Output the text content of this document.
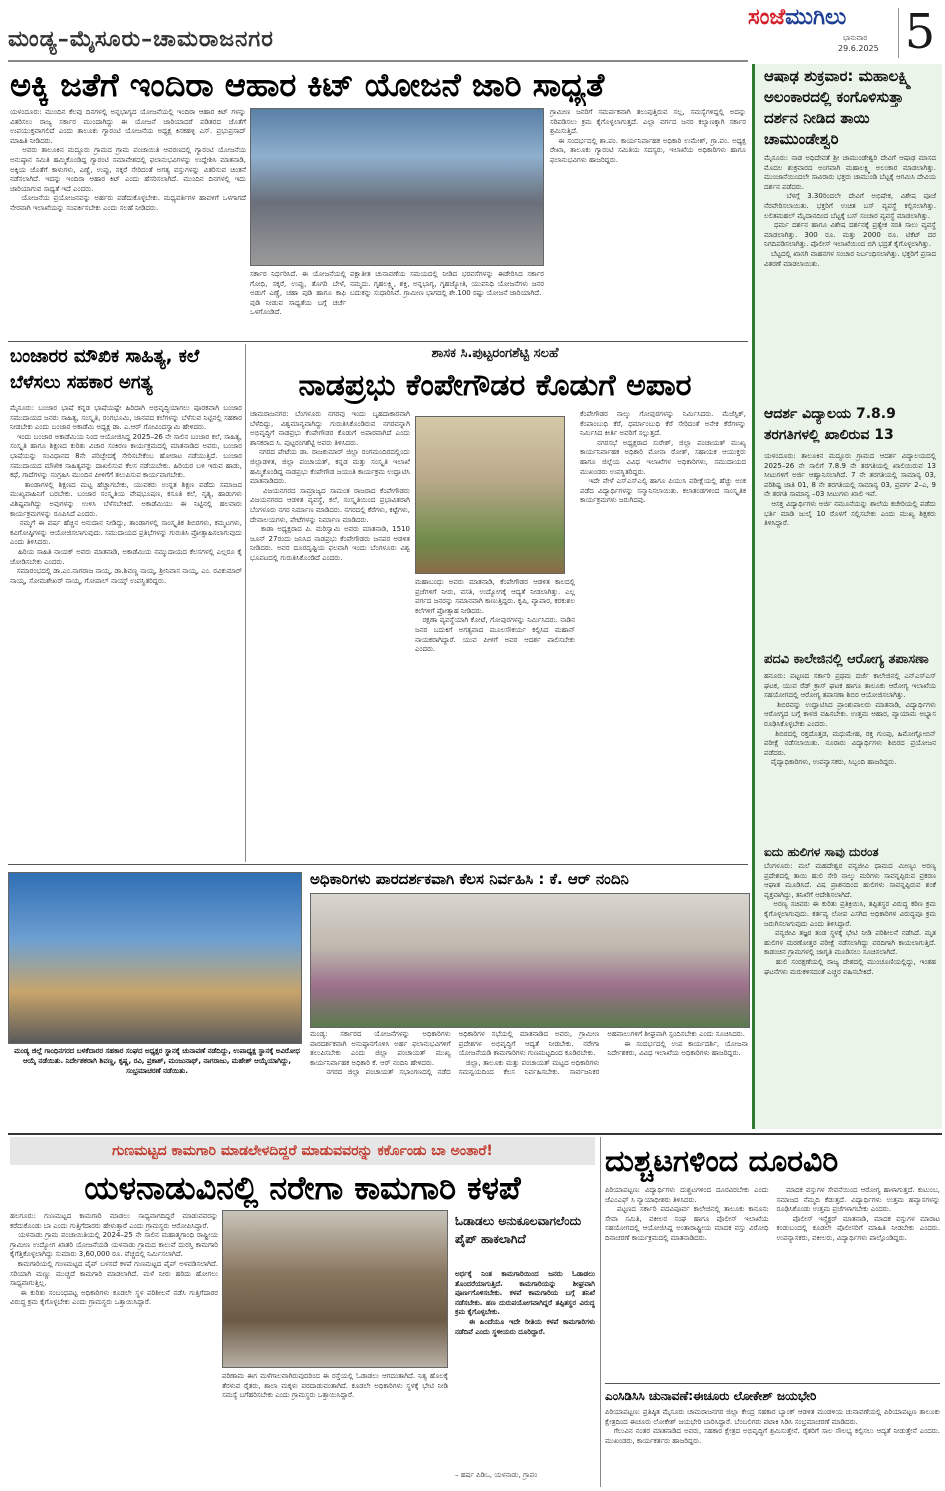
ಮಂಡ್ಯ–ಮೈಸೂರು–ಚಾಮರಾಜನಗರ
ಸಂಜೆಮುಗಿಲು
ಭಾನುವಾರ
29.6.2025 5
ಅಕ್ಕಿ ಜತೆಗೆ ಇಂದಿರಾ ಆಹಾರ ಕಿಟ್ ಯೋಜನೆ ಜಾರಿ ಸಾಧ್ಯತೆ
ಯಳಂದೂರು: ಮುಂದಿನ ಕೆಲವು ದಿನಗಳಲ್ಲಿ ಅನ್ನಭಾಗ್ಯದ ಯೋಜನೆಯಲ್ಲಿ ಇಂದಿರಾ ಆಹಾರ ಕಿಟ್ ಗಳನ್ನು ವಿತರಿಸಲು ರಾಜ್ಯ ಸರ್ಕಾರ ಮುಂದಾಗಿದ್ದು ಈ ಯೋಜನೆ ಜಾರಿಯಾದರೆ ಪಡಿತರದ ಜೊತೆಗೆ ಉಪಯುಕ್ತವಾಗಲಿದೆ ಎಂದು ತಾಲೂಕು ಗ್ಯಾರಂಟಿ ಯೋಜನೆಯ ಅಧ್ಯಕ್ಷ ಕಿನಕಹಳ್ಳಿ ಎಸ್. ಪ್ರಭುಪ್ರಸಾದ್ ಮಾಹಿತಿ ನೀಡಿದರು.
ಅವರು ತಾಲೂಕಿನ ಮದ್ದೂರು ಗ್ರಾಮದ ಗ್ರಾಮ ಪಂಚಾಯಿತಿ ಆವರಣದಲ್ಲಿ ಗ್ಯಾರಂಟಿ ಯೋಜನೆಯ ಅನುಷ್ಠಾನ ಸಮಿತಿ ಹಮ್ಮಿಕೊಂಡಿದ್ದ ಗ್ಯಾರಂಟಿ ಸಮಾವೇಶದಲ್ಲಿ ಫಲಾನುಭವಿಗಳನ್ನು ಉದ್ದೇಶಿಸಿ ಮಾತನಾಡಿ, ಅಕ್ಕಿಯ ಜೊತೆಗೆ ಕಾಳುಗಳು, ಎಣ್ಣೆ, ಉಪ್ಪು, ಸಕ್ಕರೆ ಸೇರಿದಂತೆ ಅಗತ್ಯ ವಸ್ತುಗಳನ್ನು ವಿತರಿಸುವ ಚಿಂತನೆ ನಡೆಸಲಾಗಿದೆ. ಇದನ್ನು ಇಂದಿರಾ ಆಹಾರ ಕಿಟ್ ಎಂದು ಹೆಸರಿಸಲಾಗಿದೆ. ಮುಂದಿನ ದಿನಗಳಲ್ಲಿ ಇದು ಜಾರಿಯಾಗುವ ಸಾಧ್ಯತೆ ಇದೆ ಎಂದರು.
ಯೋಜನೆಯ ಪ್ರಯೋಜನವನ್ನು ಅರ್ಹರು ಪಡೆದುಕೊಳ್ಳಬೇಕು. ಮಧ್ಯವರ್ತಿಗಳ ಹಾವಳಿಗೆ ಒಳಗಾಗದೆ ನೇರವಾಗಿ ಇಲಾಖೆಯನ್ನು ಸಂಪರ್ಕಿಸಬೇಕು ಎಂದು ಸಲಹೆ ನೀಡಿದರು.
ಸರ್ಕಾರ ನಿರ್ಧರಿಸಿದೆ. ಈ ಯೋಜನೆಯಲ್ಲಿ ಗೋಧಿ, ಸಕ್ಕರೆ, ಉಪ್ಪು, ತೊಗರಿ ಬೇಳೆ, ಅಡುಗೆ ಎಣ್ಣೆ, ಚಹಾ ಪುಡಿ ಹಾಗೂ ಕಾಫಿ ಪುಡಿ ನೀಡುವ ಸಾಧ್ಯತೆಯ ಬಗ್ಗೆ ಚರ್ಚೆ ಒಳಗೊಂಡಿದೆ.
ಪಕ್ಷಾತೀತ ಚುನಾವಣೆಯ ಸಮಯದಲ್ಲಿ ನೀಡಿದ ಭರವಸೆಗಳನ್ನು ಈಡೇರಿಸಿದ ಸರ್ಕಾರ ನಮ್ಮದು. ಗೃಹಲಕ್ಷ್ಮಿ, ಶಕ್ತಿ, ಅನ್ನಭಾಗ್ಯ, ಗೃಹಜ್ಯೋತಿ, ಯುವನಿಧಿ ಯೋಜನೆಗಳು ಜನರ ಬದುಕನ್ನು ಸುಧಾರಿಸಿವೆ. ಗ್ರಾಮೀಣ ಭಾಗದಲ್ಲಿ ಶೇ.100 ರಷ್ಟು ಯೋಜನೆ ಜಾರಿಯಾಗಿದೆ.
ಗ್ರಾಮೀಣ ಜನರಿಗೆ ಸಮರ್ಪಕವಾಗಿ ತಲುಪುತ್ತಿರುವ ಸಲ್ಲ, ಸಮಸ್ಯೆಗಳಿದ್ದಲ್ಲಿ ಅದನ್ನು ಸರಿಪಡಿಸಲು ಕ್ರಮ ಕೈಗೊಳ್ಳಲಾಗುತ್ತದೆ. ಎಲ್ಲಾ ವರ್ಗದ ಜನರ ಕಲ್ಯಾಣಕ್ಕಾಗಿ ಸರ್ಕಾರ ಶ್ರಮಿಸುತ್ತಿದೆ.
ಈ ಸಂದರ್ಭದಲ್ಲಿ ಶಾ.ಪಂ. ಕಾರ್ಯನಿರ್ವಾಹಕ ಅಧಿಕಾರಿ ಉಮೇಶ್, ಗ್ರಾ.ಪಂ. ಅಧ್ಯಕ್ಷ ರೇಖಾ, ತಾಲೂಕು ಗ್ಯಾರಂಟಿ ಸಮಿತಿಯ ಸದಸ್ಯರು, ಇಲಾಖೆಯ ಅಧಿಕಾರಿಗಳು ಹಾಗೂ ಫಲಾನುಭವಿಗಳು ಹಾಜರಿದ್ದರು.
ಬಂಜಾರರ ಮೌಖಿಕ ಸಾಹಿತ್ಯ, ಕಲೆ ಬೆಳೆಸಲು ಸಹಕಾರ ಅಗತ್ಯ
ಮೈಸೂರು: ಬಂಜಾರ ಭಾಷೆ ಕನ್ನಡ ಭಾಷೆಯಷ್ಟೇ ಹಿರಿದಾಗಿ ಅಭಿವೃದ್ಧಿಯಾಗಲು ಪೂರಕವಾಗಿ ಬಂಜಾರ ಸಮುದಾಯದ ಜನರು ಸಾಹಿತ್ಯ, ಸಂಸ್ಕೃತಿ, ರಂಗಭೂಮಿ, ಜಾನಪದ ಕಲೆಗಳನ್ನು ಬೆಳೆಸುವ ನಿಟ್ಟಿನಲ್ಲಿ ಸಹಕಾರ ನೀಡಬೇಕು ಎಂದು ಬಂಜಾರ ಅಕಾಡೆಮಿ ಅಧ್ಯಕ್ಷ ಡಾ. ಎ.ಆರ್ ಗೋವಿಂದಸ್ವಾಮಿ ಹೇಳಿದರು.
ಇಂದು ಬಂಜಾರ ಅಕಾಡೆಮಿಯ ನಿಂದ ಆಯೋಜಿಸಿದ್ದ 2025–26 ನೇ ಸಾಲಿನ ಬಂಜಾರ ಕಲೆ, ಸಾಹಿತ್ಯ, ಸಂಸ್ಕೃತಿ ಹಾಗೂ ಶಿಕ್ಷಣದ ಕುರಿತು ವಿಚಾರ ಸಂಕಿರಣ ಕಾರ್ಯಕ್ರಮದಲ್ಲಿ ಮಾತನಾಡಿದ ಅವರು, ಬಂಜಾರ ಭಾಷೆಯನ್ನು ಸಂವಿಧಾನದ 8ನೇ ಪರಿಚ್ಛೇದಕ್ಕೆ ಸೇರಿಸಬೇಕೆಂಬ ಹೋರಾಟ ನಡೆಯುತ್ತಿದೆ. ಬಂಜಾರ ಸಮುದಾಯದ ಮೌಖಿಕ ಸಾಹಿತ್ಯವನ್ನು ದಾಖಲಿಸುವ ಕೆಲಸ ನಡೆಯಬೇಕು. ಹಿರಿಯರ ಬಳಿ ಇರುವ ಹಾಡು, ಕಥೆ, ಗಾದೆಗಳನ್ನು ಸಂಗ್ರಹಿಸಿ ಮುಂದಿನ ಪೀಳಿಗೆಗೆ ತಲುಪಿಸುವ ಕಾರ್ಯವಾಗಬೇಕು.
ತಾಂಡಾಗಳಲ್ಲಿ ಶಿಕ್ಷಣದ ಮಟ್ಟ ಹೆಚ್ಚಾಗಬೇಕು, ಯುವಕರು ಉನ್ನತ ಶಿಕ್ಷಣ ಪಡೆದು ಸಮಾಜದ ಮುಖ್ಯವಾಹಿನಿಗೆ ಬರಬೇಕು. ಬಂಜಾರ ಸಂಸ್ಕೃತಿಯ ವೇಷಭೂಷಣ, ಕಸೂತಿ ಕಲೆ, ನೃತ್ಯ, ಹಾಡುಗಳು ವಿಶಿಷ್ಟವಾಗಿದ್ದು ಅವುಗಳನ್ನು ಉಳಿಸಿ ಬೆಳೆಸಬೇಕಿದೆ. ಅಕಾಡೆಮಿಯು ಈ ನಿಟ್ಟಿನಲ್ಲಿ ಹಲವಾರು ಕಾರ್ಯಕ್ರಮಗಳನ್ನು ರೂಪಿಸಿದೆ ಎಂದರು.
ನಮ್ಮಗೆ ಈ ವರ್ಷ ಹೆಚ್ಚಿನ ಅನುದಾನ ನೀಡಿದ್ದು, ತಾಂಡಾಗಳಲ್ಲಿ ಸಾಂಸ್ಕೃತಿಕ ಶಿಬಿರಗಳು, ಕಮ್ಮಟಗಳು, ಕವಿಗೋಷ್ಠಿಗಳನ್ನು ಆಯೋಜಿಸಲಾಗುವುದು. ಸಮುದಾಯದ ಪ್ರತಿಭೆಗಳನ್ನು ಗುರುತಿಸಿ ಪ್ರೋತ್ಸಾಹಿಸಲಾಗುವುದು ಎಂದು ತಿಳಿಸಿದರು.
ಹಿರಿಯ ಸಾಹಿತಿ ನಾಯಕ್ ಅವರು ಮಾತನಾಡಿ, ಅಕಾಡೆಮಿಯ ನಮ್ಮುದಾಯದ ಕೆಲಸಗಳಲ್ಲಿ ಎಲ್ಲರೂ ಕೈ ಜೋಡಿಸಬೇಕು ಎಂದರು.
ಸಮಾರಂಭದಲ್ಲಿ ಡಾ.ಎಂ.ನಾಗರಾಜ ನಾಯ್ಕ, ಡಾ.ಶಿವಣ್ಣ ನಾಯ್ಕ, ಶ್ರೀನಿವಾಸ ನಾಯ್ಕ, ಎಂ. ರವಿಕುಮಾರ್ ನಾಯ್ಕ, ಸೋಮಶೇಖರ್ ನಾಯ್ಕ, ಗೋಪಾಲ್ ನಾಯ್ಕ್ ಉಪಸ್ಥಿತರಿದ್ದರು.
ಶಾಸಕ ಸಿ.ಪುಟ್ಟರಂಗಶೆಟ್ಟಿ ಸಲಹೆ
ನಾಡಪ್ರಭು ಕೆಂಪೇಗೌಡರ ಕೊಡುಗೆ ಅಪಾರ
ಚಾಮರಾಜನಗರ: ಬೆಂಗಳೂರು ನಗರವು ಇಂದು ಬೃಹದಾಕಾರವಾಗಿ ಬೆಳೆದಿದ್ದು, ವಿಶ್ವಮಾನ್ಯವಾಗಿದ್ದು ಗುರುತಿಸಿಕೊಂಡಿರುವ ನಗರವನ್ನಾಗಿ ಅಭಿವೃದ್ಧಿಗೆ ನಾಡಪ್ರಭು ಕೆಂಪೇಗೌಡರ ಕೊಡುಗೆ ಅಪಾರವಾಗಿದೆ ಎಂದು ಶಾಸಕರಾದ ಸಿ. ಪುಟ್ಟರಂಗಶೆಟ್ಟಿ ಅವರು ತಿಳಿಸಿದರು.
ನಗರದ ಪೇಟೆಯ ಡಾ. ರಾಜಕುಮಾರ್ ಜಿಲ್ಲಾ ರಂಗಮಂದಿರದಲ್ಲಿಂದು ಜಿಲ್ಲಾಡಳಿತ, ಜಿಲ್ಲಾ ಪಂಚಾಯತ್, ಕನ್ನಡ ಮತ್ತು ಸಂಸ್ಕೃತಿ ಇಲಾಖೆ ಹಮ್ಮಿಕೊಂಡಿದ್ದ ನಾಡಪ್ರಭು ಕೆಂಪೇಗೌಡ ಜಯಂತಿ ಕಾರ್ಯಕ್ರಮ ಉದ್ಘಾಟಿಸಿ ಮಾತನಾಡಿದರು.
ವಿಜಯನಗರದ ಸಾಮ್ರಾಜ್ಯದ ಸಾಮಂತ ರಾಜರಾದ ಕೆಂಪೇಗೌಡರು ವಿಜಯನಗರದ ಆಡಳಿತ ವ್ಯವಸ್ಥೆ, ಕಲೆ, ಸಂಸ್ಕೃತಿಯಿಂದ ಪ್ರಭಾವಿತರಾಗಿ ಬೆಂಗಳೂರು ನಗರ ನಿರ್ಮಾಣ ಮಾಡಿದರು. ನಗರದಲ್ಲಿ ಕೆರೆಗಳು, ಕಟ್ಟೆಗಳು, ದೇವಾಲಯಗಳು, ಪೇಟೆಗಳನ್ನು ನಿರ್ಮಾಣ ಮಾಡಿದರು.
ಕಾಡಾ ಅಧ್ಯಕ್ಷರಾದ ಪಿ. ಮರಿಸ್ವಾಮಿ ಅವರು ಮಾತನಾಡಿ, 1510 ಜೂನ್ 27ರಂದು ಜನಿಸಿದ ನಾಡಪ್ರಭು ಕೆಂಪೇಗೌಡರು ಜನಪರ ಆಡಳಿತ ನೀಡಿದರು. ಅವರ ದೂರದೃಷ್ಟಿಯ ಫಲವಾಗಿ ಇಂದು ಬೆಂಗಳೂರು ವಿಶ್ವ ಭೂಪಟದಲ್ಲಿ ಗುರುತಿಸಿಕೊಂಡಿದೆ ಎಂದರು.
ಮಹಾಬಂಧು ಅವರು ಮಾತನಾಡಿ, ಕೆಂಪೇಗೌಡರ ಆಡಳಿತ ಕಾಲದಲ್ಲಿ ಪ್ರಜೆಗಳಿಗೆ ನೀರು, ವಸತಿ, ಉದ್ಯೋಗಕ್ಕೆ ಆದ್ಯತೆ ನೀಡಲಾಗಿತ್ತು. ಎಲ್ಲ ವರ್ಗದ ಜನರನ್ನು ಸಮಾನವಾಗಿ ಕಾಣುತ್ತಿದ್ದರು. ಕೃಷಿ, ವ್ಯಾಪಾರ, ಕರಕುಶಲ ಕಲೆಗಳಿಗೆ ಪ್ರೋತ್ಸಾಹ ನೀಡಿದರು.
ರಕ್ಷಣಾ ವ್ಯವಸ್ಥೆಯಾಗಿ ಕೋಟೆ, ಗೋಪುರಗಳನ್ನು ನಿರ್ಮಿಸಿದರು. ನಾಡಿನ ಜನರ ಬದುಕಿಗೆ ಅಗತ್ಯವಾದ ಮೂಲಸೌಕರ್ಯ ಕಲ್ಪಿಸಿದ ಮಹಾನ್ ನಾಯಕರಾಗಿದ್ದಾರೆ. ಯುವ ಪೀಳಿಗೆ ಅವರ ಆದರ್ಶ ಪಾಲಿಸಬೇಕು ಎಂದರು.
ಕೆಂಪೇಗೌಡರ ನಾಲ್ಕು ಗೋಪುರಗಳನ್ನು ನಿರ್ಮಿಸಿದರು. ಮೆಜೆಸ್ಟಿಕ್, ಕೆಂಪಾಂಬುಧಿ ಕೆರೆ, ಧರ್ಮಾಂಬುಧಿ ಕೆರೆ ಸೇರಿದಂತೆ ಅನೇಕ ಕೆರೆಗಳನ್ನು ನಿರ್ಮಿಸಿದ ಕೀರ್ತಿ ಅವರಿಗೆ ಸಲ್ಲುತ್ತದೆ.
ನಗರಸಭೆ ಅಧ್ಯಕ್ಷರಾದ ಸುರೇಶ್, ಜಿಲ್ಲಾ ಪಂಚಾಯತ್ ಮುಖ್ಯ ಕಾರ್ಯನಿರ್ವಾಹಕ ಅಧಿಕಾರಿ ಮೋನಾ ರೋತ್, ಸಹಾಯಕ ಆಯುಕ್ತರು ಹಾಗೂ ಜಿಲ್ಲೆಯ ವಿವಿಧ ಇಲಾಖೆಗಳ ಅಧಿಕಾರಿಗಳು, ಸಮುದಾಯದ ಮುಖಂಡರು ಉಪಸ್ಥಿತರಿದ್ದರು.
ಇದೇ ವೇಳೆ ಎಸ್ಎಸ್ಎಲ್ಸಿ ಹಾಗೂ ಪಿಯುಸಿ ಪರೀಕ್ಷೆಯಲ್ಲಿ ಹೆಚ್ಚು ಅಂಕ ಪಡೆದ ವಿದ್ಯಾರ್ಥಿಗಳನ್ನು ಸನ್ಮಾನಿಸಲಾಯಿತು. ಕಲಾತಂಡಗಳಿಂದ ಸಾಂಸ್ಕೃತಿಕ ಕಾರ್ಯಕ್ರಮಗಳು ಜರುಗಿದವು.
ಮಂಡ್ಯ ಜಿಲ್ಲೆ ಗಾಂಧಿನಗರದ ಬಳಕೆದಾರರ ಸಹಕಾರ ಸಂಘದ ಅಧ್ಯಕ್ಷರ ಸ್ಥಾನಕ್ಕೆ ಚುನಾವಣೆ ನಡೆದಿದ್ದು, ಉಪಾಧ್ಯಕ್ಷ ಸ್ಥಾನಕ್ಕೆ ಅವಿರೋಧ ಆಯ್ಕೆ ನಡೆಯಿತು. ನಿರ್ದೇಶಕರಾಗಿ ಶಿವಣ್ಣ, ಕೃಷ್ಣ, ರವಿ, ಪ್ರಕಾಶ್, ಮಂಜುನಾಥ್, ನಾಗರಾಜು, ಮಹೇಶ್ ಆಯ್ಕೆಯಾಗಿದ್ದು, ಸಂಭ್ರಮಾಚರಣೆ ನಡೆಯಿತು.
ಅಧಿಕಾರಿಗಳು ಪಾರದರ್ಶಕವಾಗಿ ಕೆಲಸ ನಿರ್ವಹಿಸಿ : ಕೆ. ಆರ್ ನಂದಿನಿ
ಮಂಡ್ಯ: ಸರ್ಕಾರದ ಯೋಜನೆಗಳನ್ನು ಅಧಿಕಾರಿಗಳು ಪಾರದರ್ಶಕವಾಗಿ ಅನುಷ್ಠಾನಗೊಳಿಸಿ ಅರ್ಹ ಫಲಾನುಭವಿಗಳಿಗೆ ತಲುಪಿಸಬೇಕು ಎಂದು ಜಿಲ್ಲಾ ಪಂಚಾಯತ್ ಮುಖ್ಯ ಕಾರ್ಯನಿರ್ವಾಹಕ ಅಧಿಕಾರಿ ಕೆ. ಆರ್ ನಂದಿನಿ ಹೇಳಿದರು.
ನಗರದ ಜಿಲ್ಲಾ ಪಂಚಾಯತ್ ಸಭಾಂಗಣದಲ್ಲಿ ನಡೆದ ಅಧಿಕಾರಿಗಳ ಸಭೆಯಲ್ಲಿ ಮಾತನಾಡಿದ ಅವರು, ಗ್ರಾಮೀಣ ಪ್ರದೇಶಗಳ ಅಭಿವೃದ್ಧಿಗೆ ಆದ್ಯತೆ ನೀಡಬೇಕು. ನರೇಗಾ ಯೋಜನೆಯಡಿ ಕಾಮಗಾರಿಗಳು ಗುಣಮಟ್ಟದಿಂದ ಕೂಡಿರಬೇಕು.
ಜಿಲ್ಲಾ, ತಾಲೂಕು ಮತ್ತು ಪಂಚಾಯತ್ ಮಟ್ಟದ ಅಧಿಕಾರಿಗಳು ಸಮನ್ವಯದಿಂದ ಕೆಲಸ ನಿರ್ವಹಿಸಬೇಕು. ಸಾರ್ವಜನಿಕರ ಅಹವಾಲುಗಳಿಗೆ ಶೀಘ್ರವಾಗಿ ಸ್ಪಂದಿಸಬೇಕು ಎಂದು ಸೂಚಿಸಿದರು.
ಈ ಸಂದರ್ಭದಲ್ಲಿ ಉಪ ಕಾರ್ಯದರ್ಶಿ, ಯೋಜನಾ ನಿರ್ದೇಶಕರು, ವಿವಿಧ ಇಲಾಖೆಯ ಅಧಿಕಾರಿಗಳು ಹಾಜರಿದ್ದರು.
ಆಷಾಢ ಶುಕ್ರವಾರ: ಮಹಾಲಕ್ಷ್ಮಿ ಅಲಂಕಾರದಲ್ಲಿ ಕಂಗೊಳಿಸುತ್ತಾ ದರ್ಶನ ನೀಡಿದ ತಾಯಿ ಚಾಮುಂಡೇಶ್ವರಿ
ಮೈಸೂರು: ನಾಡ ಅಧಿದೇವತೆ ಶ್ರೀ ಚಾಮುಂಡೇಶ್ವರಿ ದೇವಿಗೆ ಆಷಾಢ ಮಾಸದ ಮೊದಲ ಶುಕ್ರವಾರದ ಅಂಗವಾಗಿ ಮಹಾಲಕ್ಷ್ಮಿ ಅಲಂಕಾರ ಮಾಡಲಾಗಿತ್ತು. ಮುಂಜಾನೆಯಿಂದಲೇ ಸಾವಿರಾರು ಭಕ್ತರು ಚಾಮುಂಡಿ ಬೆಟ್ಟಕ್ಕೆ ಆಗಮಿಸಿ ದೇವಿಯ ದರ್ಶನ ಪಡೆದರು.
ಬೆಳಗ್ಗೆ 3.30ರಿಂದಲೇ ದೇವಿಗೆ ಅಭಿಷೇಕ, ವಿಶೇಷ ಪೂಜೆ ನೆರವೇರಿಸಲಾಯಿತು. ಭಕ್ತರಿಗೆ ಉಚಿತ ಬಸ್ ವ್ಯವಸ್ಥೆ ಕಲ್ಪಿಸಲಾಗಿತ್ತು. ಲಲಿತಮಹಲ್ ಮೈದಾನದಿಂದ ಬೆಟ್ಟಕ್ಕೆ ಬಸ್ ಸಂಚಾರ ವ್ಯವಸ್ಥೆ ಮಾಡಲಾಗಿತ್ತು.
ಧರ್ಮ ದರ್ಶನ ಹಾಗೂ ವಿಶೇಷ ದರ್ಶನಕ್ಕೆ ಪ್ರತ್ಯೇಕ ಸರತಿ ಸಾಲು ವ್ಯವಸ್ಥೆ ಮಾಡಲಾಗಿತ್ತು. 300 ರೂ. ಮತ್ತು 2000 ರೂ. ಟಿಕೆಟ್ ದರ ನಿಗದಿಪಡಿಸಲಾಗಿತ್ತು. ಪೊಲೀಸ್ ಇಲಾಖೆಯಿಂದ ಬಿಗಿ ಭದ್ರತೆ ಕೈಗೊಳ್ಳಲಾಗಿತ್ತು.
ಬೆಟ್ಟದಲ್ಲಿ ಖಾಸಗಿ ವಾಹನಗಳ ಸಂಚಾರ ನಿರ್ಬಂಧಿಸಲಾಗಿತ್ತು. ಭಕ್ತರಿಗೆ ಪ್ರಸಾದ ವಿತರಣೆ ಮಾಡಲಾಯಿತು.
ಆದರ್ಶ ವಿದ್ಯಾಲಯ 7.8.9 ತರಗತಿಗಳಲ್ಲಿ ಖಾಲಿರುವ 13
ಯಳಂದೂರು: ತಾಲೂಕಿನ ಮದ್ದೂರು ಗ್ರಾಮದ ಆದರ್ಶ ವಿದ್ಯಾಲಯದಲ್ಲಿ 2025–26 ನೇ ಸಾಲಿಗೆ 7.8.9 ನೇ ತರಗತಿಯಲ್ಲಿ ಖಾಲಿಯಿರುವ 13 ಸೀಟುಗಳಿಗೆ ಅರ್ಜಿ ಆಹ್ವಾನಿಸಲಾಗಿದೆ. 7 ನೇ ತರಗತಿಯಲ್ಲಿ ಸಾಮಾನ್ಯ 03, ಪರಿಶಿಷ್ಟ ಜಾತಿ 01, 8 ನೇ ತರಗತಿಯಲ್ಲಿ ಸಾಮಾನ್ಯ 03, ಪ್ರವರ್ಗ 2–ಎ, 9 ನೇ ತರಗತಿ ಸಾಮಾನ್ಯ –03 ಸೀಟುಗಳು ಖಾಲಿ ಇವೆ.
ಆಸಕ್ತ ವಿದ್ಯಾರ್ಥಿಗಳು ಅರ್ಜಿ ನಮೂನೆಯನ್ನು ಶಾಲೆಯ ಕಚೇರಿಯಲ್ಲಿ ಪಡೆದು ಭರ್ತಿ ಮಾಡಿ ಜುಲೈ 10 ರೊಳಗೆ ಸಲ್ಲಿಸಬೇಕು ಎಂದು ಮುಖ್ಯ ಶಿಕ್ಷಕರು ತಿಳಿಸಿದ್ದಾರೆ.
ಪದವಿ ಕಾಲೇಜಿನಲ್ಲಿ ಆರೋಗ್ಯ ತಪಾಸಣಾ
ಹನೂರು: ಪಟ್ಟಣದ ಸರ್ಕಾರಿ ಪ್ರಥಮ ದರ್ಜೆ ಕಾಲೇಜಿನಲ್ಲಿ ಎನ್ಎಸ್ಎಸ್ ಘಟಕ, ಯುವ ರೆಡ್ ಕ್ರಾಸ್ ಘಟಕ ಹಾಗೂ ತಾಲೂಕು ಆರೋಗ್ಯ ಇಲಾಖೆಯ ಸಹಯೋಗದಲ್ಲಿ ಆರೋಗ್ಯ ತಪಾಸಣಾ ಶಿಬಿರ ಆಯೋಜಿಸಲಾಗಿತ್ತು.
ಶಿಬಿರವನ್ನು ಉದ್ಘಾಟಿಸಿದ ಪ್ರಾಂಶುಪಾಲರು ಮಾತನಾಡಿ, ವಿದ್ಯಾರ್ಥಿಗಳು ಆರೋಗ್ಯದ ಬಗ್ಗೆ ಕಾಳಜಿ ವಹಿಸಬೇಕು. ಉತ್ತಮ ಆಹಾರ, ವ್ಯಾಯಾಮ ಅಭ್ಯಾಸ ರೂಢಿಸಿಕೊಳ್ಳಬೇಕು ಎಂದರು.
ಶಿಬಿರದಲ್ಲಿ ರಕ್ತದೊತ್ತಡ, ಮಧುಮೇಹ, ರಕ್ತ ಗುಂಪು, ಹಿಮೋಗ್ಲೋಬಿನ್ ಪರೀಕ್ಷೆ ನಡೆಸಲಾಯಿತು. ನೂರಾರು ವಿದ್ಯಾರ್ಥಿಗಳು ಶಿಬಿರದ ಪ್ರಯೋಜನ ಪಡೆದರು.
ವೈದ್ಯಾಧಿಕಾರಿಗಳು, ಉಪನ್ಯಾಸಕರು, ಸಿಬ್ಬಂದಿ ಹಾಜರಿದ್ದರು.
ಐದು ಹುಲಿಗಳ ಸಾವು ದುರಂತ
ಬೆಂಗಳೂರು: ಮಲೆ ಮಹದೇಶ್ವರ ವನ್ಯಜೀವಿ ಧಾಮದ ಮೀಣ್ಯಂ ಅರಣ್ಯ ಪ್ರದೇಶದಲ್ಲಿ ತಾಯಿ ಹುಲಿ ಸೇರಿ ನಾಲ್ಕು ಮರಿಗಳು ಸಾವನ್ನಪ್ಪಿರುವ ಪ್ರಕರಣ ಆಘಾತ ಮೂಡಿಸಿದೆ. ವಿಷ ಪ್ರಾಶನದಿಂದ ಹುಲಿಗಳು ಸಾವನ್ನಪ್ಪಿರುವ ಶಂಕೆ ವ್ಯಕ್ತವಾಗಿದ್ದು, ತನಿಖೆಗೆ ಆದೇಶಿಸಲಾಗಿದೆ.
ಅರಣ್ಯ ಸಚಿವರು ಈ ಕುರಿತು ಪ್ರತಿಕ್ರಿಯಿಸಿ, ತಪ್ಪಿತಸ್ಥರ ವಿರುದ್ಧ ಕಠಿಣ ಕ್ರಮ ಕೈಗೊಳ್ಳಲಾಗುವುದು. ಕರ್ತವ್ಯ ಲೋಪ ಎಸಗಿದ ಅಧಿಕಾರಿಗಳ ವಿರುದ್ಧವೂ ಕ್ರಮ ಜರುಗಿಸಲಾಗುವುದು ಎಂದು ತಿಳಿಸಿದ್ದಾರೆ.
ವನ್ಯಜೀವಿ ತಜ್ಞರ ತಂಡ ಸ್ಥಳಕ್ಕೆ ಭೇಟಿ ನೀಡಿ ಪರಿಶೀಲನೆ ನಡೆಸಿದೆ. ಮೃತ ಹುಲಿಗಳ ಮರಣೋತ್ತರ ಪರೀಕ್ಷೆ ನಡೆಸಲಾಗಿದ್ದು ವರದಿಗಾಗಿ ಕಾಯಲಾಗುತ್ತಿದೆ. ಕಾಡಂಚಿನ ಗ್ರಾಮಗಳಲ್ಲಿ ಜಾಗೃತಿ ಮೂಡಿಸಲು ಸೂಚಿಸಲಾಗಿದೆ.
ಹುಲಿ ಸಂರಕ್ಷಣೆಯಲ್ಲಿ ರಾಜ್ಯ ದೇಶದಲ್ಲಿ ಮುಂಚೂಣಿಯಲ್ಲಿದ್ದು, ಇಂತಹ ಘಟನೆಗಳು ಮರುಕಳಿಸದಂತೆ ಎಚ್ಚರ ವಹಿಸಬೇಕಿದೆ.
ಗುಣಮಟ್ಟದ ಕಾಮಗಾರಿ ಮಾಡಲೇಳದಿದ್ದರೆ ಮಾಡುವವರನ್ನು ಕರ್ಕೊಂಡು ಬಾ ಅಂತಾರೆ!
ಯಳನಾಡುವಿನಲ್ಲಿ ನರೇಗಾ ಕಾಮಗಾರಿ ಕಳಪೆ
ಹಲಗೂರು: ಗುಣಮಟ್ಟದ ಕಾಮಗಾರಿ ಮಾಡಲು ಸಾಧ್ಯವಾಗದಿದ್ದರೆ ಮಾಡುವವರನ್ನು ಕರೆದುಕೊಂಡು ಬಾ ಎಂದು ಗುತ್ತಿಗೆದಾರರು ಹೇಳುತ್ತಾರೆ ಎಂದು ಗ್ರಾಮಸ್ಥರು ಆರೋಪಿಸಿದ್ದಾರೆ.
ಯಳನಾಡು ಗ್ರಾಮ ಪಂಚಾಯಿತಿಯಲ್ಲಿ 2024–25 ನೇ ಸಾಲಿನ ಮಹಾತ್ಮಗಾಂಧಿ ರಾಷ್ಟ್ರೀಯ ಗ್ರಾಮೀಣ ಉದ್ಯೋಗ ಖಾತರಿ ಯೋಜನೆಯಡಿ ಯಳನಾಡು ಗ್ರಾಮದ ಕಾಲುವೆ ದುರಸ್ತಿ ಕಾಮಗಾರಿ ಕೈಗೆತ್ತಿಕೊಳ್ಳಲಾಗಿದ್ದು ಸುಮಾರು 3,60,000 ರೂ. ವೆಚ್ಚದಲ್ಲಿ ನಿರ್ಮಿಸಲಾಗಿದೆ.
ಕಾಮಗಾರಿಯಲ್ಲಿ ಗುಣಮಟ್ಟದ ಪೈಪ್ ಬಳಸದೆ ಕಳಪೆ ಗುಣಮಟ್ಟದ ಪೈಪ್ ಅಳವಡಿಸಲಾಗಿದೆ. ಸರಿಯಾಗಿ ಮಣ್ಣು ಮುಚ್ಚದೆ ಕಾಮಗಾರಿ ಮಾಡಲಾಗಿದೆ. ಮಳೆ ನೀರು ಹರಿದು ಹೋಗಲು ಸಾಧ್ಯವಾಗುತ್ತಿಲ್ಲ.
ಈ ಕುರಿತು ಸಂಬಂಧಪಟ್ಟ ಅಧಿಕಾರಿಗಳು ಕೂಡಲೇ ಸ್ಥಳ ಪರಿಶೀಲನೆ ನಡೆಸಿ ಗುತ್ತಿಗೆದಾರರ ವಿರುದ್ಧ ಕ್ರಮ ಕೈಗೊಳ್ಳಬೇಕು ಎಂದು ಗ್ರಾಮಸ್ಥರು ಒತ್ತಾಯಿಸಿದ್ದಾರೆ.
ಪರಿಣಾಮ ಈಗ ಮಳೆಗಾಲವಾಗಿರುವುದರಿಂದ ಈ ರಸ್ತೆಯಲ್ಲಿ ಓಡಾಡಲು ಆಗದಂತಾಗಿದೆ. ನಿತ್ಯ ಹೊಲಕ್ಕೆ ತೆರಳುವ ರೈತರು, ಶಾಲಾ ಮಕ್ಕಳು ಪರದಾಡುವಂತಾಗಿದೆ. ಕೂಡಲೇ ಅಧಿಕಾರಿಗಳು ಸ್ಥಳಕ್ಕೆ ಭೇಟಿ ನೀಡಿ ಸಮಸ್ಯೆ ಬಗೆಹರಿಸಬೇಕು ಎಂದು ಗ್ರಾಮಸ್ಥರು ಒತ್ತಾಯಿಸಿದ್ದಾರೆ.
ಓಡಾಡಲು ಅನುಕೂಲವಾಗಲೆಂದು ಪೈಪ್ ಹಾಕಲಾಗಿದೆ
ಅರ್ಧಕ್ಕೆ ನಿಂತ ಕಾಮಗಾರಿಯಿಂದ ಜನರು ಓಡಾಡಲು ತೊಂದರೆಯಾಗುತ್ತಿದೆ. ಕಾಮಗಾರಿಯನ್ನು ಶೀಘ್ರವಾಗಿ ಪೂರ್ಣಗೊಳಿಸಬೇಕು. ಕಳಪೆ ಕಾಮಗಾರಿಯ ಬಗ್ಗೆ ತನಿಖೆ ನಡೆಸಬೇಕು. ಹಣ ದುರುಪಯೋಗವಾಗಿದ್ದರೆ ತಪ್ಪಿತಸ್ಥರ ವಿರುದ್ಧ ಕ್ರಮ ಕೈಗೊಳ್ಳಬೇಕು.
ಈ ಹಿಂದೆಯೂ ಇದೇ ರೀತಿಯ ಕಳಪೆ ಕಾಮಗಾರಿಗಳು ನಡೆದಿವೆ ಎಂದು ಸ್ಥಳೀಯರು ದೂರಿದ್ದಾರೆ.
– ಹರ್ಷ ಪಿಡಿಒ, ಯಳನಾಡು, ಗ್ರಾಪಂ
ದುಶ್ಚಟಗಳಿಂದ ದೂರವಿರಿ
ಪಿರಿಯಾಪಟ್ಟಣ: ವಿದ್ಯಾರ್ಥಿಗಳು ದುಶ್ಚಟಗಳಿಂದ ದೂರವಿರಬೇಕು ಎಂದು ಜೆಎಂಎಫ್ ಸಿ ನ್ಯಾಯಾಧೀಶರು ತಿಳಿಸಿದರು.
ಪಟ್ಟಣದ ಸರ್ಕಾರಿ ಪದವಿಪೂರ್ವ ಕಾಲೇಜಿನಲ್ಲಿ ತಾಲೂಕು ಕಾನೂನು ಸೇವಾ ಸಮಿತಿ, ವಕೀಲರ ಸಂಘ ಹಾಗೂ ಪೊಲೀಸ್ ಇಲಾಖೆಯ ಸಹಯೋಗದಲ್ಲಿ ಆಯೋಜಿಸಿದ್ದ ಅಂತಾರಾಷ್ಟ್ರೀಯ ಮಾದಕ ವಸ್ತು ವಿರೋಧಿ ದಿನಾಚರಣೆ ಕಾರ್ಯಕ್ರಮದಲ್ಲಿ ಮಾತನಾಡಿದರು.
ಮಾದಕ ವಸ್ತುಗಳ ಸೇವನೆಯಿಂದ ಆರೋಗ್ಯ ಹಾಳಾಗುತ್ತದೆ. ಕುಟುಂಬ, ಸಮಾಜದ ನೆಮ್ಮದಿ ಕೆಡುತ್ತದೆ. ವಿದ್ಯಾರ್ಥಿಗಳು ಉತ್ತಮ ಹವ್ಯಾಸಗಳನ್ನು ರೂಢಿಸಿಕೊಂಡು ಉತ್ತಮ ಪ್ರಜೆಗಳಾಗಬೇಕು ಎಂದರು.
ಪೊಲೀಸ್ ಇನ್ಸ್ಪೆಕ್ಟರ್ ಮಾತನಾಡಿ, ಮಾದಕ ವಸ್ತುಗಳ ಮಾರಾಟ ಕಂಡುಬಂದಲ್ಲಿ ಕೂಡಲೇ ಪೊಲೀಸರಿಗೆ ಮಾಹಿತಿ ನೀಡಬೇಕು ಎಂದರು. ಉಪನ್ಯಾಸಕರು, ವಕೀಲರು, ವಿದ್ಯಾರ್ಥಿಗಳು ಪಾಲ್ಗೊಂಡಿದ್ದರು.
ಎಂಸಿಡಿಸಿಸಿ ಚುನಾವಣೆ:ಈಚೂರು ಲೋಕೇಶ್ ಜಯಭೇರಿ
ಪಿರಿಯಾಪಟ್ಟಣ: ಪ್ರತಿಷ್ಠಿತ ಮೈಸೂರು ಚಾಮರಾಜನಗರ ಜಿಲ್ಲಾ ಕೇಂದ್ರ ಸಹಕಾರ ಬ್ಯಾಂಕ್ ಆಡಳಿತ ಮಂಡಳಿಯ ಚುನಾವಣೆಯಲ್ಲಿ ಪಿರಿಯಾಪಟ್ಟಣ ತಾಲೂಕು ಕ್ಷೇತ್ರದಿಂದ ಈಚೂರು ಲೋಕೇಶ್ ಜಯಭೇರಿ ಬಾರಿಸಿದ್ದಾರೆ. ಬೆಂಬಲಿಗರು ಪಟಾಕಿ ಸಿಡಿಸಿ ಸಂಭ್ರಮಾಚರಣೆ ಮಾಡಿದರು.
ಗೆಲುವಿನ ನಂತರ ಮಾತನಾಡಿದ ಅವರು, ಸಹಕಾರ ಕ್ಷೇತ್ರದ ಅಭಿವೃದ್ಧಿಗೆ ಶ್ರಮಿಸುತ್ತೇನೆ. ರೈತರಿಗೆ ಸಾಲ ಸೌಲಭ್ಯ ಕಲ್ಪಿಸಲು ಆದ್ಯತೆ ನೀಡುತ್ತೇನೆ ಎಂದರು. ಮುಖಂಡರು, ಕಾರ್ಯಕರ್ತರು ಹಾಜರಿದ್ದರು.
